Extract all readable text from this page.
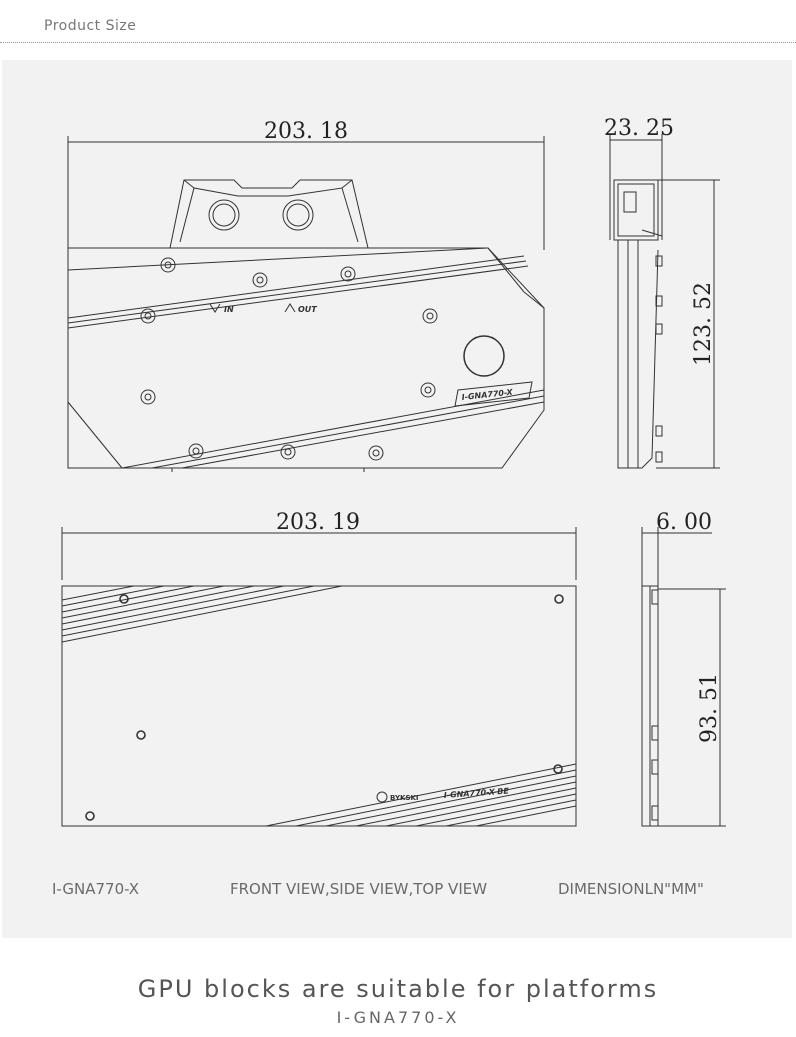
Product Size
203. 18	23. 25
123. 52
203. 19	6. 00
93. 51
IN	OUT
I-GNA770-X
BYKSKI	I-GNA770-X-BE
I-GNA770-X	FRONT VIEW,SIDE VIEW,TOP VIEW	DIMENSIONLN"MM"
GPU blocks are suitable for platforms
I-GNA770-X
